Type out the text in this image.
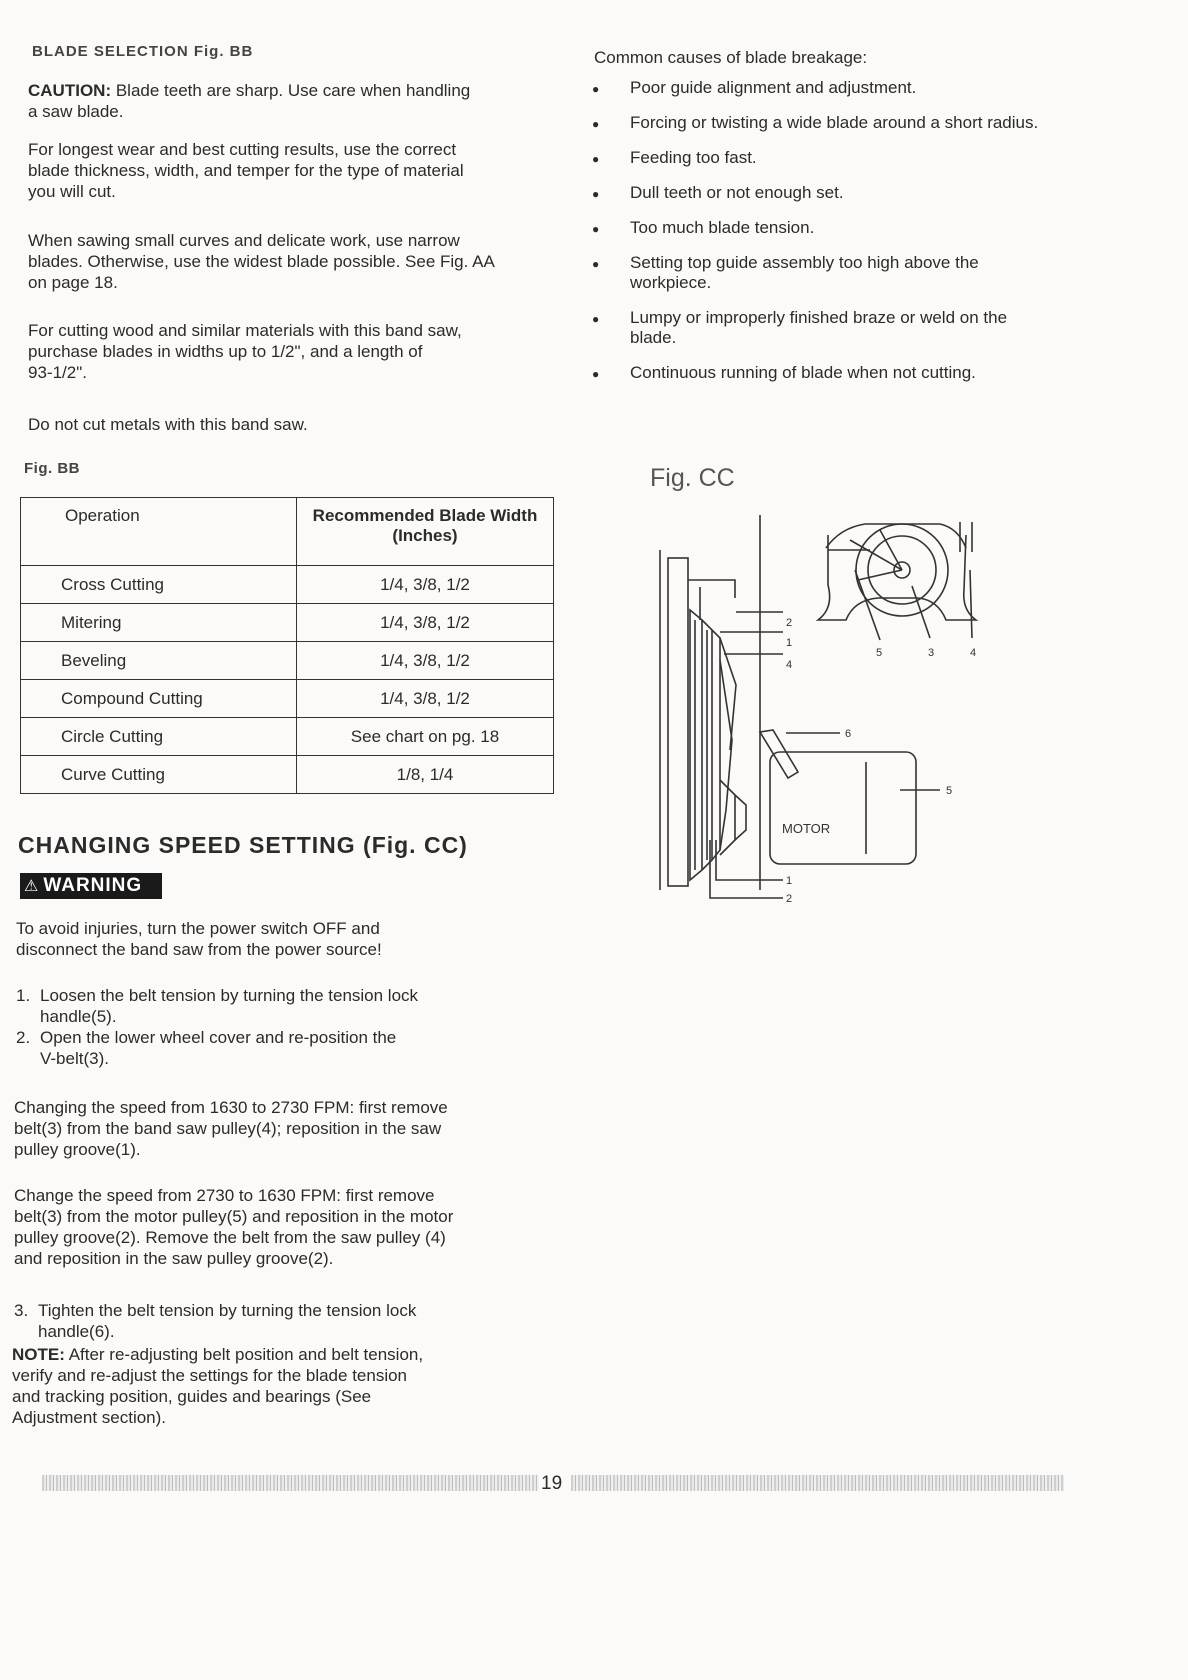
BLADE SELECTION Fig. BB

CAUTION: Blade teeth are sharp. Use care when handling

a saw blade.

For longest wear and best cutting results, use the correct

blade thickness, width, and temper for the type of material

you will cut.

When sawing small curves and delicate work, use narrow

blades. Otherwise, use the widest blade possible. See Fig. AA

on page 18.

For cutting wood and similar materials with this band saw,

purchase blades in widths up to 1/2", and a length of

93-1/2".

Do not cut metals with this band saw.

Fig. BB
Operation	Recommended Blade Width
(Inches)
Cross Cutting	1/4, 3/8, 1/2
Mitering	1/4, 3/8, 1/2
Beveling	1/4, 3/8, 1/2
Compound Cutting	1/4, 3/8, 1/2
Circle Cutting	See chart on pg. 18
Curve Cutting	1/8, 1/4
Common causes of blade breakage:
● Poor guide alignment and adjustment.
● Forcing or twisting a wide blade around a short radius.
● Feeding too fast.
● Dull teeth or not enough set.
● Too much blade tension.
● Setting top guide assembly too high above the
workpiece.
● Lumpy or improperly finished braze or weld on the
blade.
● Continuous running of blade when not cutting.
Fig. CC
2
1
4
6
5
1
2
5	3	4
MOTOR
CHANGING SPEED SETTING (Fig. CC)
⚠ WARNING

To avoid injuries, turn the power switch OFF and

disconnect the band saw from the power source!

1. Loosen the belt tension by turning the tension lock
handle(5).
2. Open the lower wheel cover and re-position the
V-belt(3).

Changing the speed from 1630 to 2730 FPM: first remove

belt(3) from the band saw pulley(4); reposition in the saw

pulley groove(1).

Change the speed from 2730 to 1630 FPM: first remove

belt(3) from the motor pulley(5) and reposition in the motor

pulley groove(2). Remove the belt from the saw pulley (4)

and reposition in the saw pulley groove(2).

3. Tighten the belt tension by turning the tension lock
handle(6).

NOTE: After re-adjusting belt position and belt tension,

verify and re-adjust the settings for the blade tension

and tracking position, guides and bearings (See

Adjustment section).

19
